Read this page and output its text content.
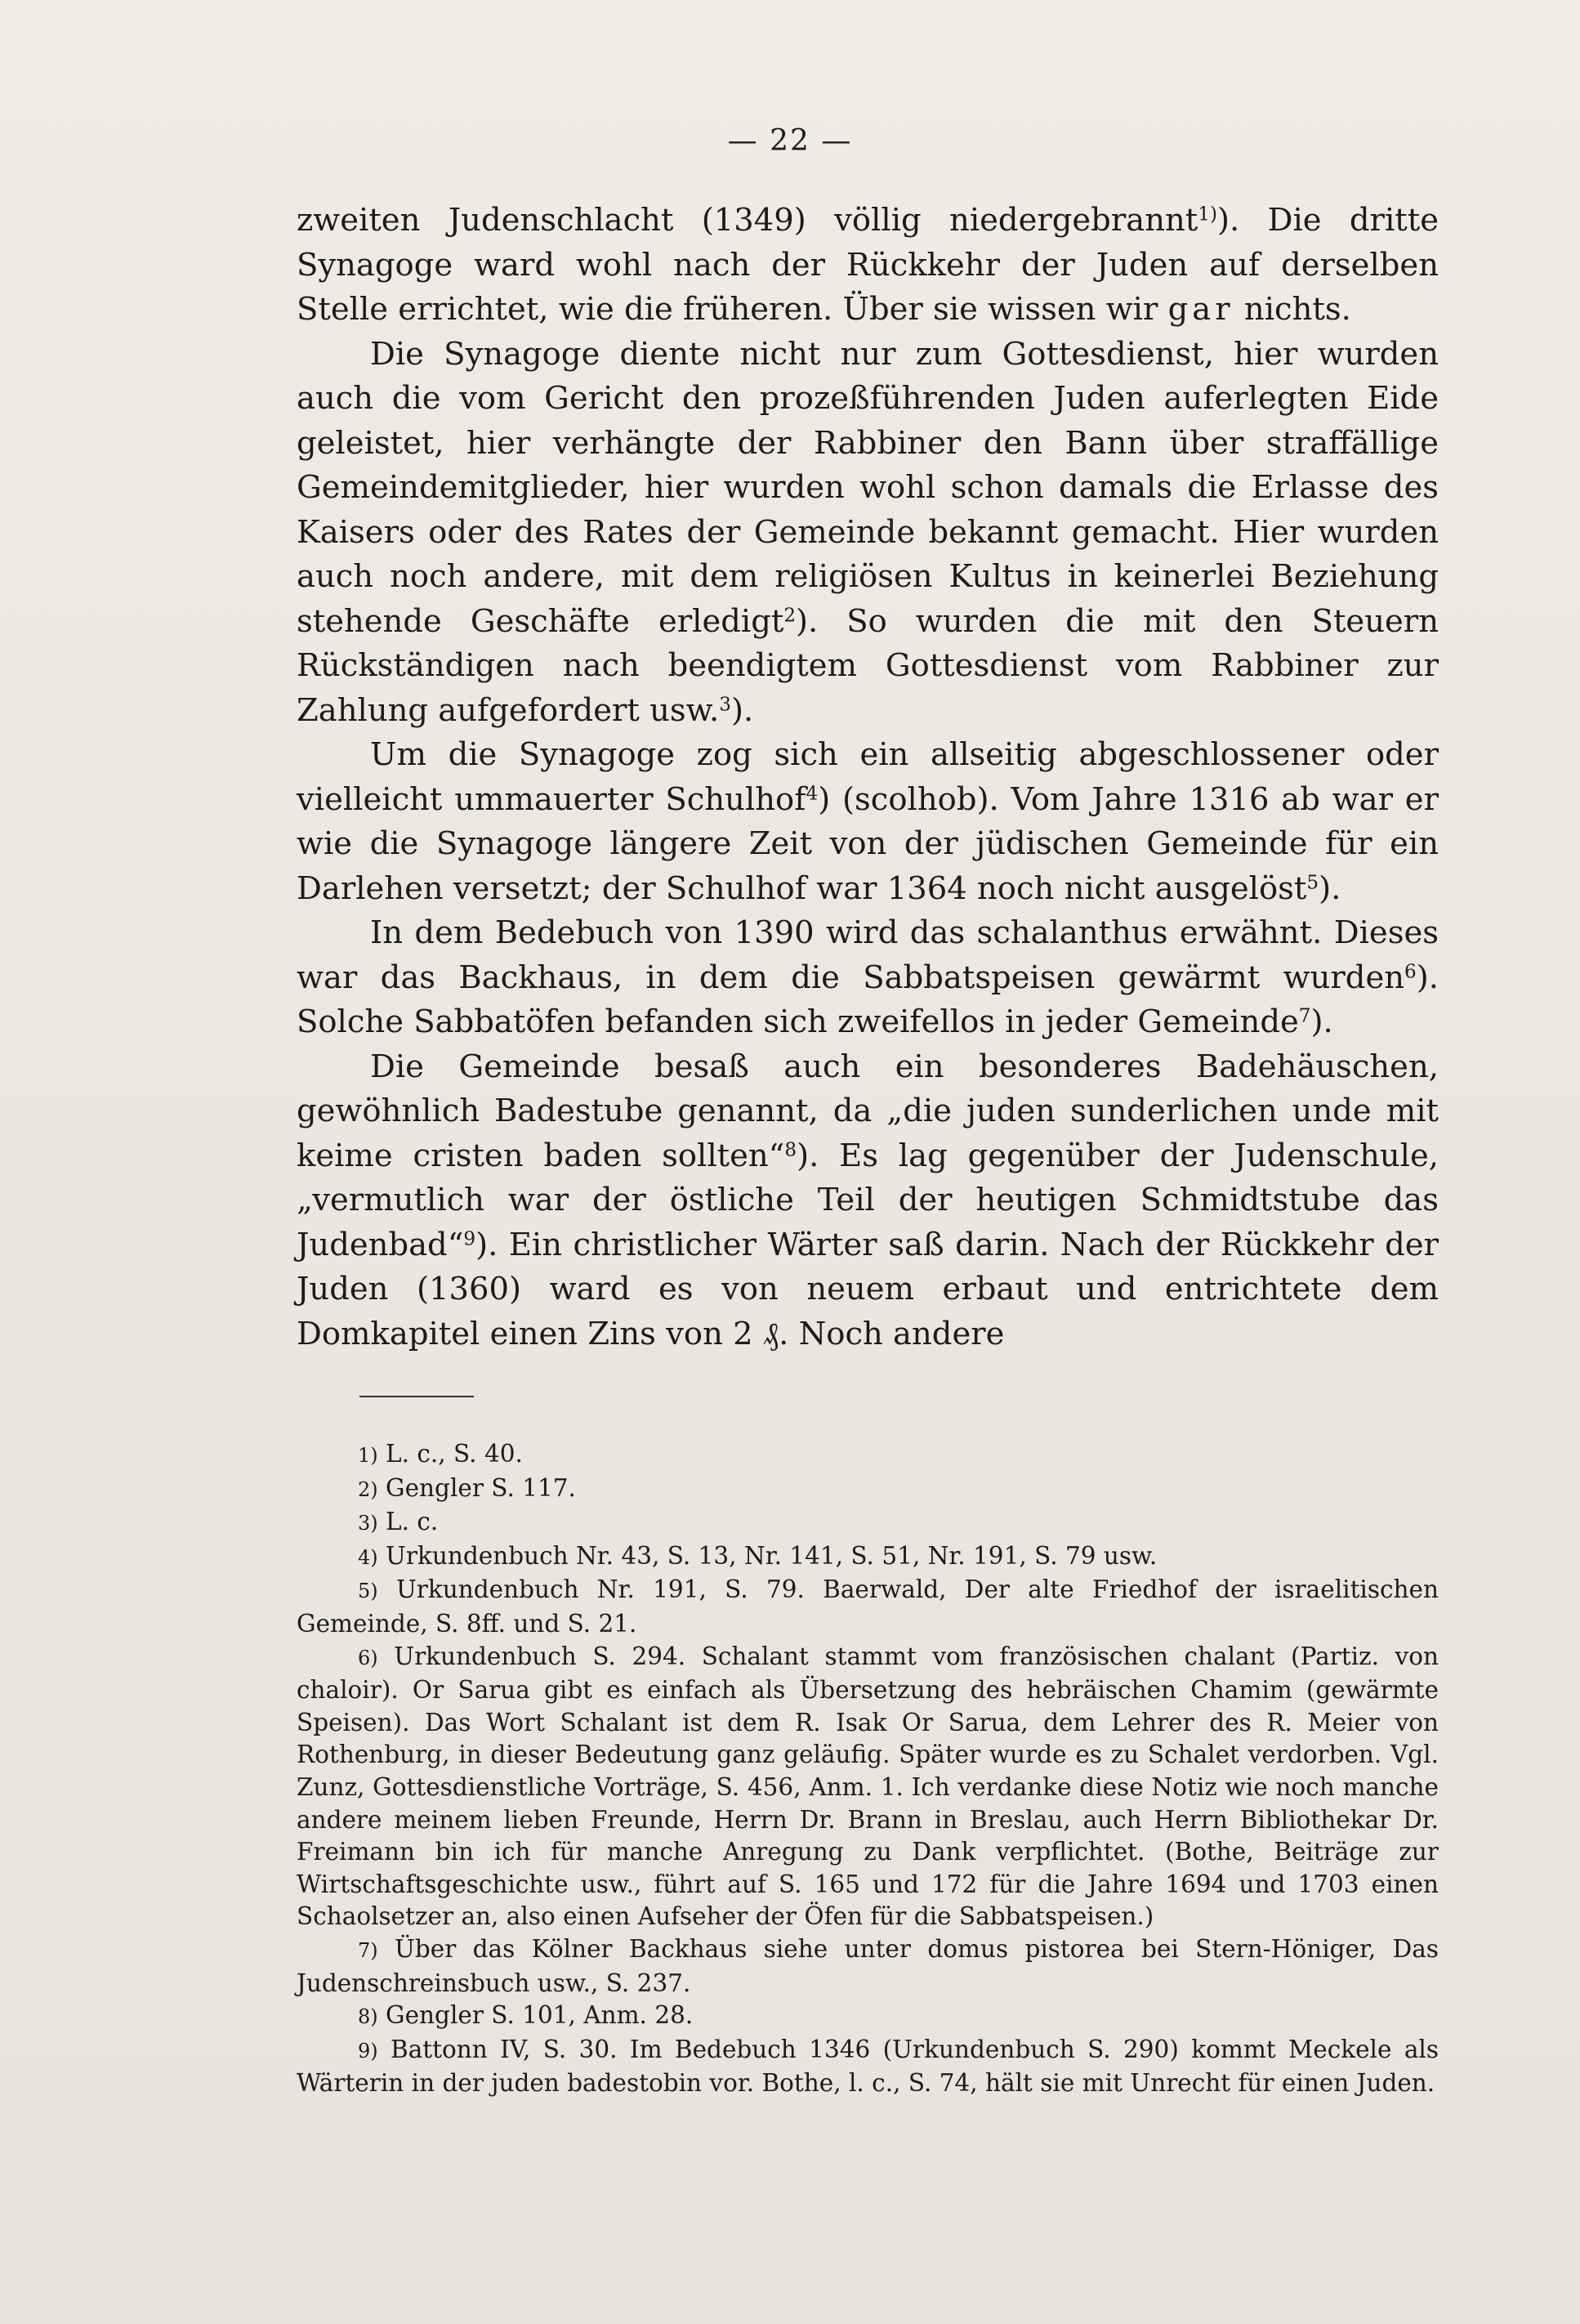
— 22 —

zweiten Judenschlacht (1349) völlig niedergebrannt$^{1)}$). Die dritte Synagoge ward wohl nach der Rückkehr der Juden auf derselben Stelle errichtet, wie die früheren. Über sie wissen wir gar nichts.

Die Synagoge diente nicht nur zum Gottesdienst, hier wurden auch die vom Gericht den prozeßführenden Juden auferlegten Eide geleistet, hier verhängte der Rabbiner den Bann über straffällige Gemeindemitglieder, hier wurden wohl schon damals die Erlasse des Kaisers oder des Rates der Gemeinde bekannt gemacht. Hier wurden auch noch andere, mit dem religiösen Kultus in keinerlei Beziehung stehende Geschäfte erledigt$^2$). So wurden die mit den Steuern Rückständigen nach beendigtem Gottesdienst vom Rabbiner zur Zahlung aufgefordert usw.$^3$).

Um die Synagoge zog sich ein allseitig abgeschlossener oder vielleicht ummauerter Schulhof$^4$) (scolhob). Vom Jahre 1316 ab war er wie die Synagoge längere Zeit von der jüdischen Gemeinde für ein Darlehen versetzt; der Schulhof war 1364 noch nicht ausgelöst$^5$).

In dem Bedebuch von 1390 wird das schalanthus erwähnt. Dieses war das Backhaus, in dem die Sabbatspeisen gewärmt wurden$^6$). Solche Sabbatöfen befanden sich zweifellos in jeder Gemeinde$^7$).

Die Gemeinde besaß auch ein besonderes Badehäuschen, gewöhnlich Badestube genannt, da „die juden sunderlichen unde mit keime cristen baden sollten“$^8$). Es lag gegenüber der Judenschule, „vermutlich war der östliche Teil der heutigen Schmidtstube das Judenbad“$^9$). Ein christlicher Wärter saß darin. Nach der Rückkehr der Juden (1360) ward es von neuem erbaut und entrichtete dem Domkapitel einen Zins von 2 ₰. Noch andere

1) L. c., S. 40.

2) Gengler S. 117.

3) L. c.

4) Urkundenbuch Nr. 43, S. 13, Nr. 141, S. 51, Nr. 191, S. 79 usw.

5) Urkundenbuch Nr. 191, S. 79. Baerwald, Der alte Friedhof der israelitischen Gemeinde, S. 8ff. und S. 21.

6) Urkundenbuch S. 294. Schalant stammt vom französischen chalant (Partiz. von chaloir). Or Sarua gibt es einfach als Übersetzung des hebräischen Chamim (gewärmte Speisen). Das Wort Schalant ist dem R. Isak Or Sarua, dem Lehrer des R. Meier von Rothenburg, in dieser Bedeutung ganz geläufig. Später wurde es zu Schalet verdorben. Vgl. Zunz, Gottesdienstliche Vorträge, S. 456, Anm. 1. Ich verdanke diese Notiz wie noch manche andere meinem lieben Freunde, Herrn Dr. Brann in Breslau, auch Herrn Bibliothekar Dr. Freimann bin ich für manche Anregung zu Dank verpflichtet. (Bothe, Beiträge zur Wirtschaftsgeschichte usw., führt auf S. 165 und 172 für die Jahre 1694 und 1703 einen Schaolsetzer an, also einen Aufseher der Öfen für die Sabbatspeisen.)

7) Über das Kölner Backhaus siehe unter domus pistorea bei Stern-Höniger, Das Judenschreinsbuch usw., S. 237.

8) Gengler S. 101, Anm. 28.

9) Battonn IV, S. 30. Im Bedebuch 1346 (Urkundenbuch S. 290) kommt Meckele als Wärterin in der juden badestobin vor. Bothe, l. c., S. 74, hält sie mit Unrecht für einen Juden.
